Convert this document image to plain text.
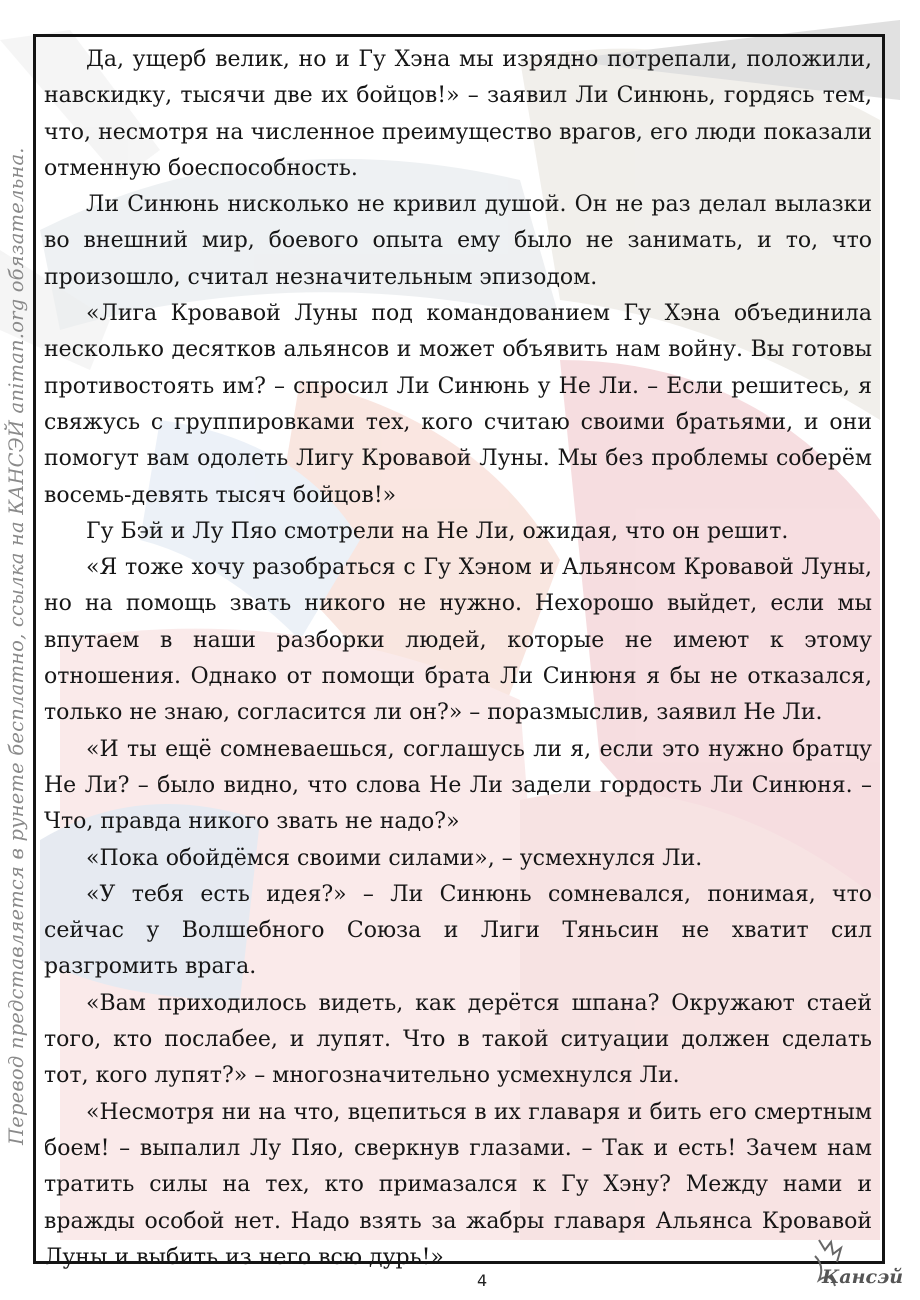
Перевод представляется в рунете бесплатно, ссылка на КАНСЭЙ animan.org обязательна.

Да, ущерб велик, но и Гу Хэна мы изрядно потрепали, положили, навскидку, тысячи две их бойцов!» – заявил Ли Синюнь, гордясь тем, что, несмотря на численное преимущество врагов, его люди показали отменную боеспособность.

Ли Синюнь нисколько не кривил душой. Он не раз делал вылазки во внешний мир, боевого опыта ему было не занимать, и то, что произошло, считал незначительным эпизодом.

«Лига Кровавой Луны под командованием Гу Хэна объединила несколько десятков альянсов и может объявить нам войну. Вы готовы противостоять им? – спросил Ли Синюнь у Не Ли. – Если решитесь, я свяжусь с группировками тех, кого считаю своими братьями, и они помогут вам одолеть Лигу Кровавой Луны. Мы без проблемы соберём восемь-девять тысяч бойцов!»

Гу Бэй и Лу Пяо смотрели на Не Ли, ожидая, что он решит.

«Я тоже хочу разобраться с Гу Хэном и Альянсом Кровавой Луны, но на помощь звать никого не нужно. Нехорошо выйдет, если мы впутаем в наши разборки людей, которые не имеют к этому отношения. Однако от помощи брата Ли Синюня я бы не отказался, только не знаю, согласится ли он?» – поразмыслив, заявил Не Ли.

«И ты ещё сомневаешься, соглашусь ли я, если это нужно братцу Не Ли? – было видно, что слова Не Ли задели гордость Ли Синюня. – Что, правда никого звать не надо?»

«Пока обойдёмся своими силами», – усмехнулся Ли.

«У тебя есть идея?» – Ли Синюнь сомневался, понимая, что сейчас у Волшебного Союза и Лиги Тяньсин не хватит сил разгромить врага.

«Вам приходилось видеть, как дерётся шпана? Окружают стаей того, кто послабее, и лупят. Что в такой ситуации должен сделать тот, кого лупят?» – многозначительно усмехнулся Ли.

«Несмотря ни на что, вцепиться в их главаря и бить его смертным боем! – выпалил Лу Пяо, сверкнув глазами. – Так и есть! Зачем нам тратить силы на тех, кто примазался к Гу Хэну? Между нами и вражды особой нет. Надо взять за жабры главаря Альянса Кровавой Луны и выбить из него всю дурь!»

4	Кансэй
